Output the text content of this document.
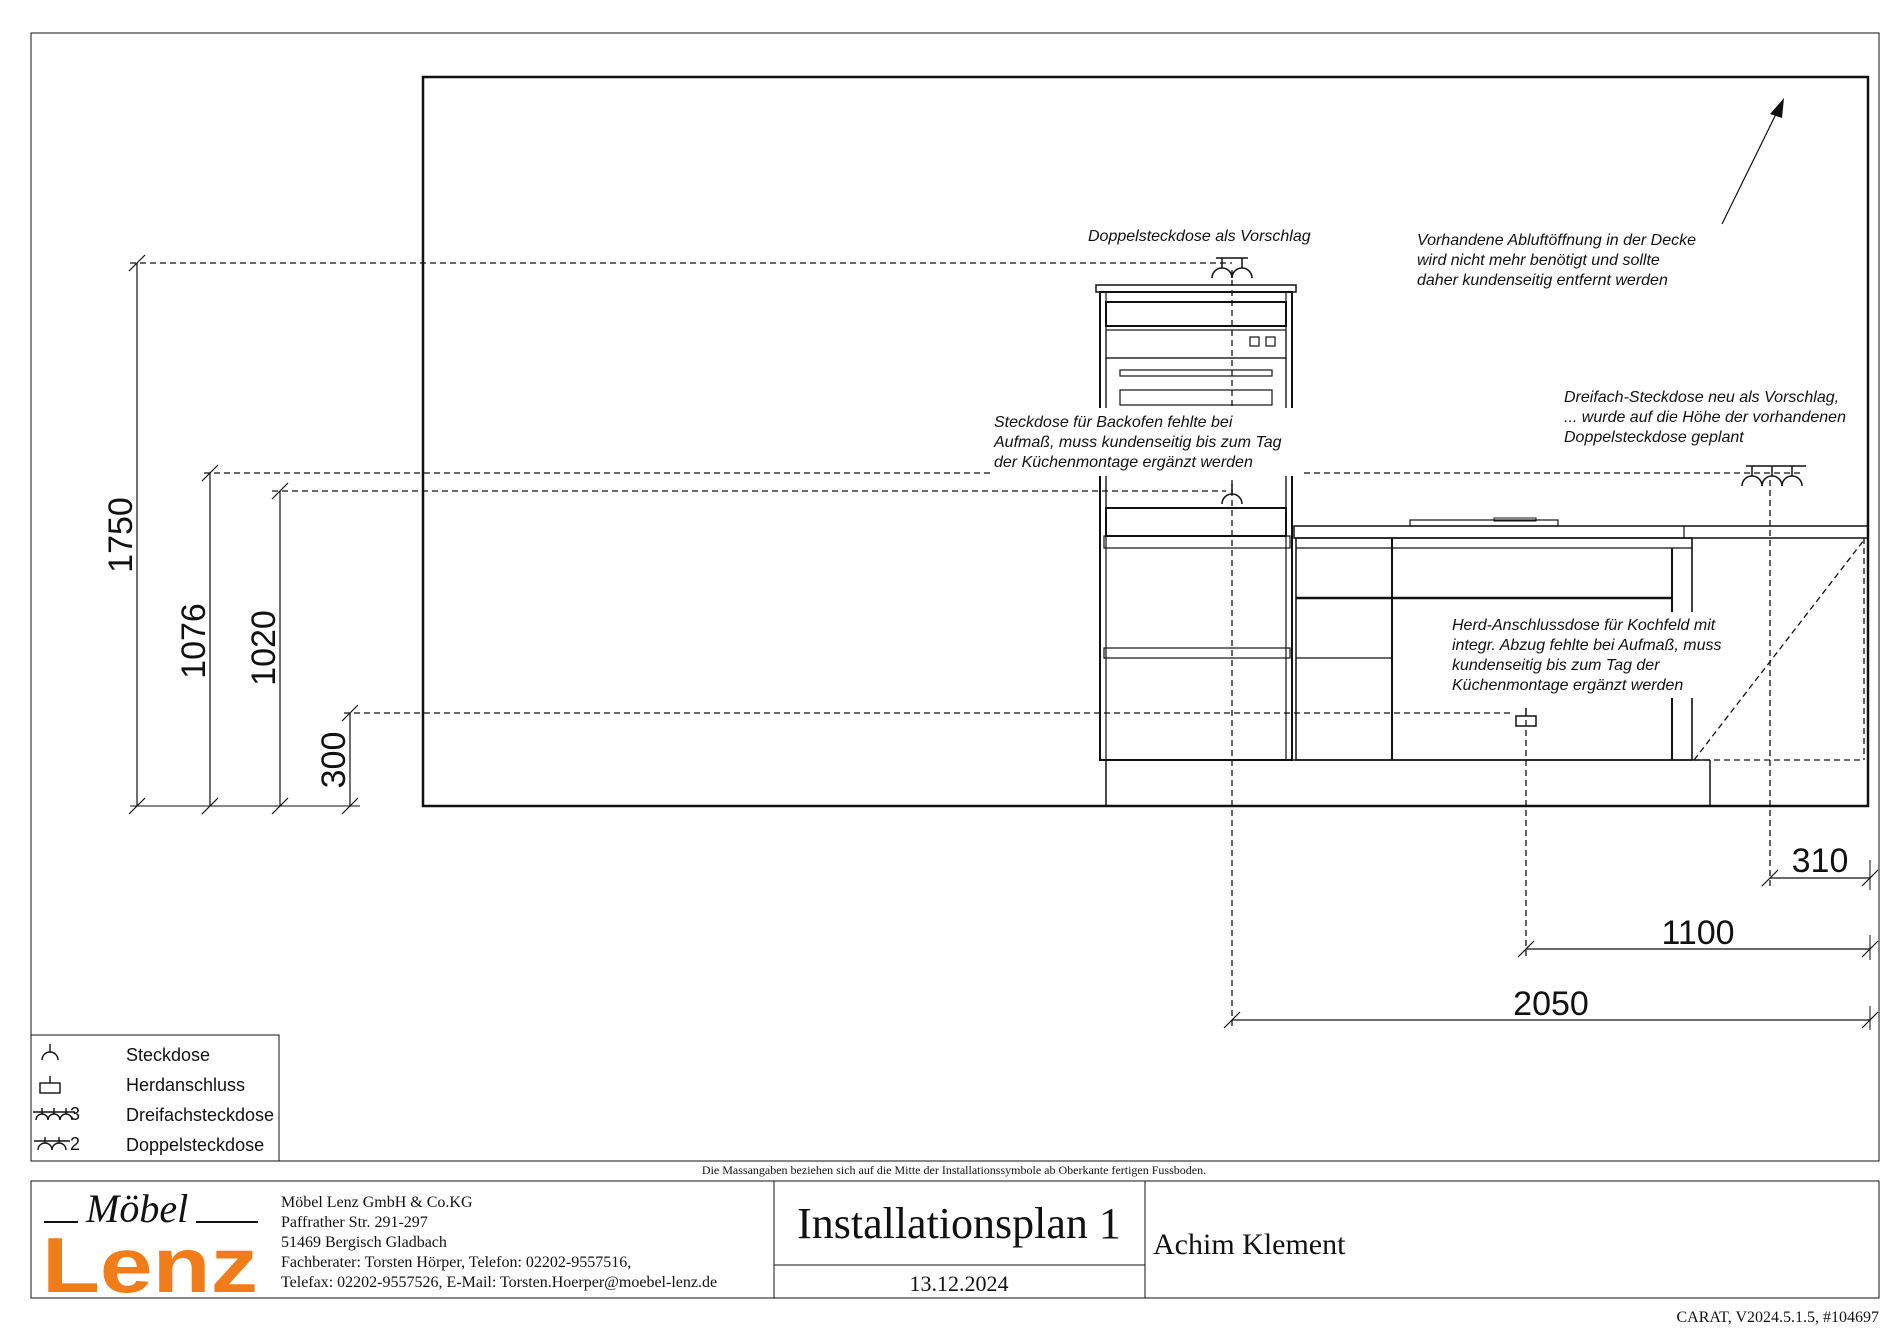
1750
1076 1020
300
310
1100
2050
Doppelsteckdose als Vorschlag	Vorhandene Abluftöffnung in der Decke
wird nicht mehr benötigt und sollte
daher kundenseitig entfernt werden
Steckdose für Backofen fehlte bei
Aufmaß, muss kundenseitig bis zum Tag
der Küchenmontage ergänzt werden
Dreifach-Steckdose neu als Vorschlag,
... wurde auf die Höhe der vorhandenen
Doppelsteckdose geplant
Herd-Anschlussdose für Kochfeld mit
integr. Abzug fehlte bei Aufmaß, muss
kundenseitig bis zum Tag der
Küchenmontage ergänzt werden
Steckdose
Herdanschluss
3	Dreifachsteckdose
2	Doppelsteckdose
Die Massangaben beziehen sich auf die Mitte der Installationssymbole ab Oberkante fertigen Fussboden.
Möbel
Lenz
Möbel Lenz GmbH & Co.KG
Paffrather Str. 291-297
51469 Bergisch Gladbach
Fachberater: Torsten Hörper, Telefon: 02202-9557516,
Telefax: 02202-9557526, E-Mail: Torsten.Hoerper@moebel-lenz.de
Installationsplan 1
13.12.2024
Achim Klement
CARAT, V2024.5.1.5, #104697
